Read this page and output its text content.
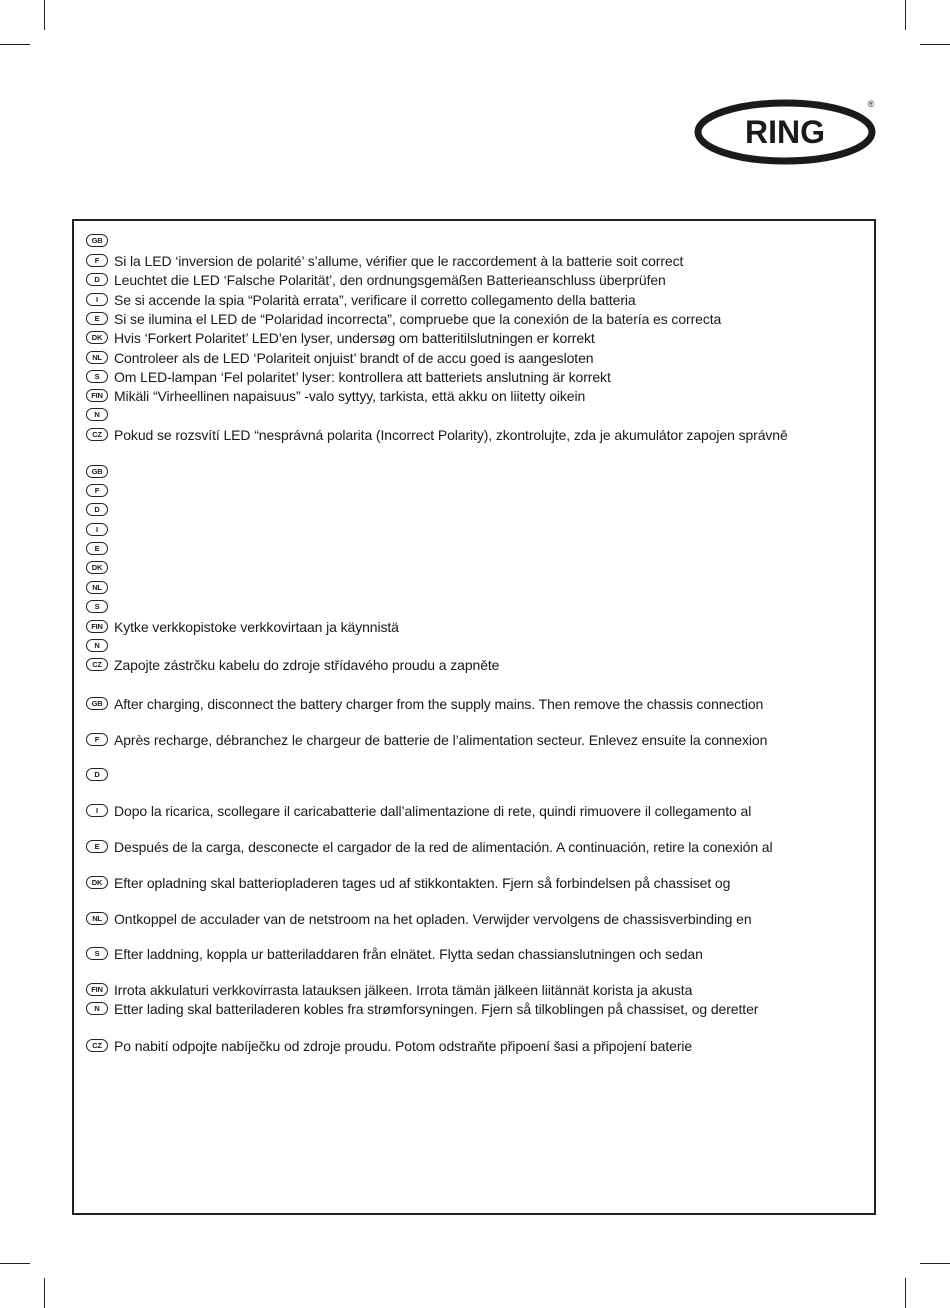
RING
®
GB
F	Si la LED ‘inversion de polarité’ s’allume, vérifier que le raccordement à la batterie soit correct
D	Leuchtet die LED ‘Falsche Polarität’, den ordnungsgemäßen Batterieanschluss überprüfen
I	Se si accende la spia “Polarità errata”, verificare il corretto collegamento della batteria
E	Si se ilumina el LED de “Polaridad incorrecta”, compruebe que la conexión de la batería es correcta
DK Hvis ‘Forkert Polaritet’ LED’en lyser, undersøg om batteritilslutningen er korrekt
NL Controleer als de LED ‘Polariteit onjuist’ brandt of de accu goed is aangesloten
S	Om LED-lampan ‘Fel polaritet’ lyser: kontrollera att batteriets anslutning är korrekt
FIN Mikäli “Virheellinen napaisuus” -valo syttyy, tarkista, että akku on liitetty oikein
N
CZ Pokud se rozsvítí LED “nesprávná polarita (Incorrect Polarity), zkontrolujte, zda je akumulátor zapojen správně
GB
F
D
I
E
DK
NL
S
FIN Kytke verkkopistoke verkkovirtaan ja käynnistä
N
CZ Zapojte zástrčku kabelu do zdroje střídavého proudu a zapněte
GB After charging, disconnect the battery charger from the supply mains. Then remove the chassis connection
F	Après recharge, débranchez le chargeur de batterie de l’alimentation secteur. Enlevez ensuite la connexion
D
I	Dopo la ricarica, scollegare il caricabatterie dall’alimentazione di rete, quindi rimuovere il collegamento al
E	Después de la carga, desconecte el cargador de la red de alimentación. A continuación, retire la conexión al
DK Efter opladning skal batteriopladeren tages ud af stikkontakten. Fjern så forbindelsen på chassiset og
NL Ontkoppel de acculader van de netstroom na het opladen. Verwijder vervolgens de chassisverbinding en
S	Efter laddning, koppla ur batteriladdaren från elnätet. Flytta sedan chassianslutningen och sedan
FIN Irrota akkulaturi verkkovirrasta latauksen jälkeen. Irrota tämän jälkeen liitännät korista ja akusta
N	Etter lading skal batteriladeren kobles fra strømforsyningen. Fjern så tilkoblingen på chassiset, og deretter
CZ Po nabití odpojte nabíječku od zdroje proudu. Potom odstraňte připoení šasi a připojení baterie
